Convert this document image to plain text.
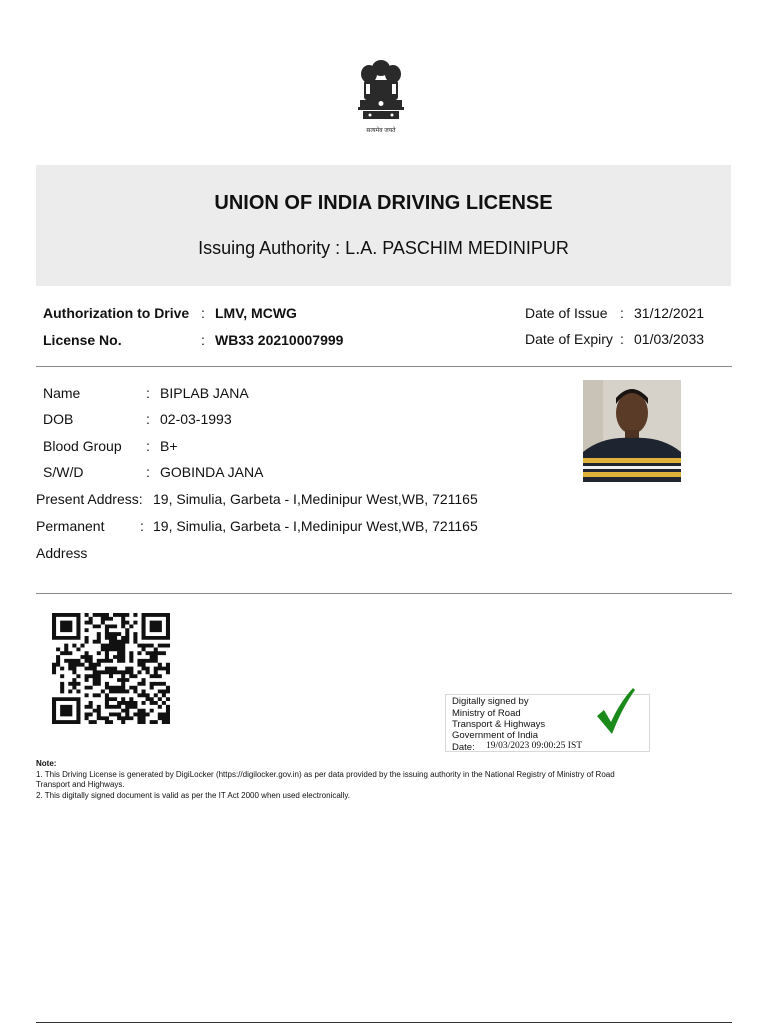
सत्यमेव जयते
UNION OF INDIA DRIVING LICENSE
Issuing Authority : L.A. PASCHIM MEDINIPUR
Authorization to Drive : LMV, MCWG
License No.	: WB33 20210007999
Date of Issue : 31/12/2021
Date of Expiry : 01/03/2033
Name	: BIPLAB JANA
DOB	: 02-03-1993
Blood Group : B+
S/W/D	: GOBINDA JANA
Present Address: 19, Simulia, Garbeta - I,Medinipur West,WB, 721165
Permanent	: 19, Simulia, Garbeta - I,Medinipur West,WB, 721165
Address
Digitally signed by
Ministry of Road
Transport & Highways
Government of India
Date: 19/03/2023 09:00:25 IST
Note:
1. This Driving License is generated by DigiLocker (https://digilocker.gov.in) as per data provided by the issuing authority in the National Registry of Ministry of Road
Transport and Highways.
2. This digitally signed document is valid as per the IT Act 2000 when used electronically.
